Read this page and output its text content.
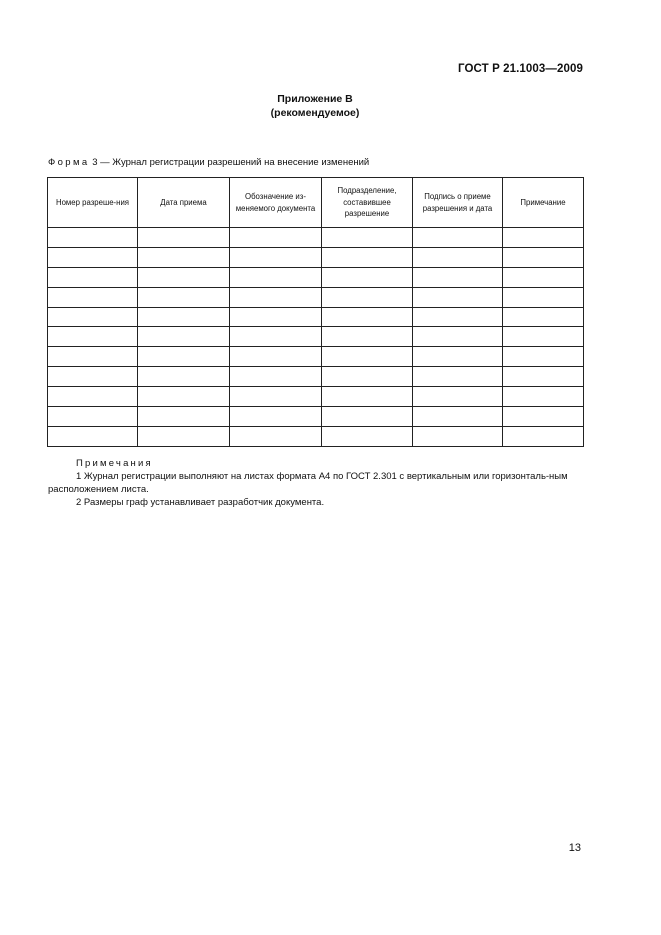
ГОСТ Р 21.1003—2009
Приложение В
(рекомендуемое)
Форма 3 — Журнал регистрации разрешений на внесение изменений
Номер разреше-ния	Дата приема	Обозначение из-меняемого документа	Подразделение, составившее разрешение	Подпись о приеме разрешения и дата	Примечание

Примечания
1 Журнал регистрации выполняют на листах формата А4 по ГОСТ 2.301 с вертикальным или горизонталь-ным расположением листа.
2 Размеры граф устанавливает разработчик документа.
13
